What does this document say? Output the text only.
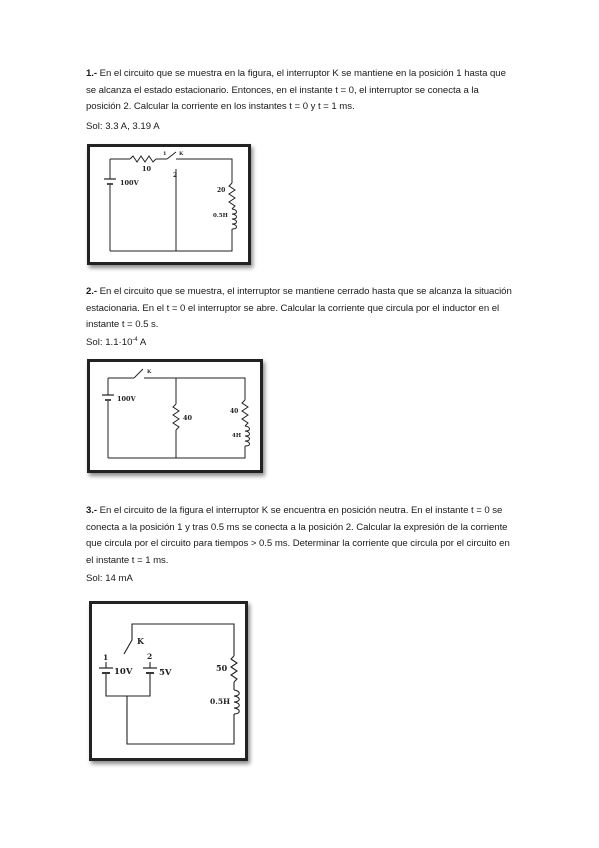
1.- En el circuito que se muestra en la figura, el interruptor K se mantiene en la posición 1 hasta que se alcanza el estado estacionario. Entonces, en el instante t = 0, el interruptor se conecta a la posición 2. Calcular la corriente en los instantes t = 0 y t = 1 ms.
Sol: 3.3 A, 3.19 A
100V
10
1	K
2
20
0.5H
2.- En el circuito que se muestra, el interruptor se mantiene cerrado hasta que se alcanza la situación estacionaria. En el t = 0 el interruptor se abre. Calcular la corriente que circula por el inductor en el instante t = 0.5 s.
Sol: $1.1\cdot 10^{-4}$ A
100V
K
40
40
4H
3.- En el circuito de la figura el interruptor K se encuentra en posición neutra. En el instante t = 0 se conecta a la posición 1 y tras 0.5 ms se conecta a la posición 2. Calcular la expresión de la corriente que circula por el circuito para tiempos > 0.5 ms. Determinar la corriente que circula por el circuito en el instante t = 1 ms.
Sol: 14 mA
K
1	2
10V	5V	50
0.5H
